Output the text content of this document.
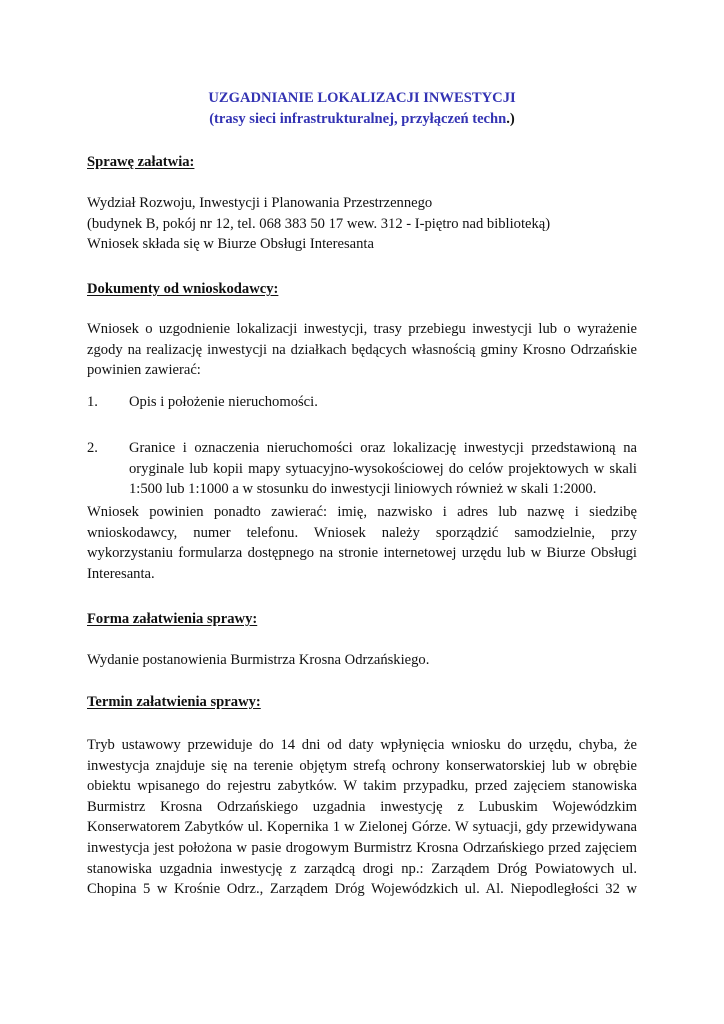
UZGADNIANIE LOKALIZACJI INWESTYCJI
(trasy sieci infrastrukturalnej, przyłączeń techn.)
Sprawę załatwia:
Wydział Rozwoju, Inwestycji i Planowania Przestrzennego
(budynek B, pokój nr 12, tel. 068 383 50 17 wew. 312 - I-piętro nad biblioteką)
Wniosek składa się w Biurze Obsługi Interesanta
Dokumenty od wnioskodawcy:
Wniosek o uzgodnienie lokalizacji inwestycji, trasy przebiegu inwestycji lub o wyrażenie
zgody na realizację inwestycji na działkach będących własnością gminy Krosno Odrzańskie
powinien zawierać:
1. Opis i położenie nieruchomości.
2. Granice i oznaczenia nieruchomości oraz lokalizację inwestycji przedstawioną na
oryginale lub kopii mapy sytuacyjno-wysokościowej do celów projektowych w skali
1:500 lub 1:1000 a w stosunku do inwestycji liniowych również w skali 1:2000.
Wniosek powinien ponadto zawierać: imię, nazwisko i adres lub nazwę i siedzibę
wnioskodawcy, numer telefonu. Wniosek należy sporządzić samodzielnie, przy
wykorzystaniu formularza dostępnego na stronie internetowej urzędu lub w Biurze Obsługi
Interesanta.
Forma załatwienia sprawy:
Wydanie postanowienia Burmistrza Krosna Odrzańskiego.
Termin załatwienia sprawy:
Tryb ustawowy przewiduje do 14 dni od daty wpłynięcia wniosku do urzędu, chyba, że
inwestycja znajduje się na terenie objętym strefą ochrony konserwatorskiej lub w obrębie
obiektu wpisanego do rejestru zabytków. W takim przypadku, przed zajęciem stanowiska
Burmistrz Krosna Odrzańskiego uzgadnia inwestycję z Lubuskim Wojewódzkim
Konserwatorem Zabytków ul. Kopernika 1 w Zielonej Górze. W sytuacji, gdy przewidywana
inwestycja jest położona w pasie drogowym Burmistrz Krosna Odrzańskiego przed zajęciem
stanowiska uzgadnia inwestycję z zarządcą drogi np.: Zarządem Dróg Powiatowych ul.
Chopina 5 w Krośnie Odrz., Zarządem Dróg Wojewódzkich ul. Al. Niepodległości 32 w
